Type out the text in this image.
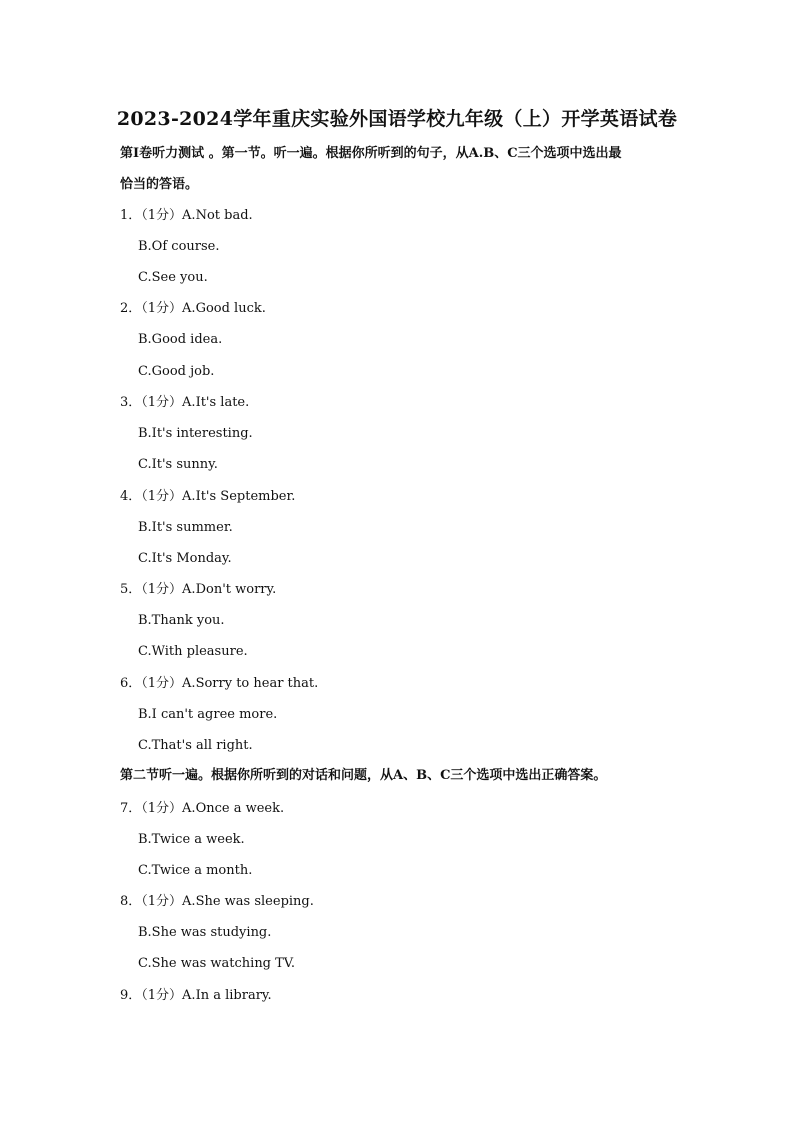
2023-2024学年重庆实验外国语学校九年级（上）开学英语试卷
第Ⅰ卷听力测试 。第一节。听一遍。根据你所听到的句子，从A.B、C三个选项中选出最
恰当的答语。
1．（1分）A.Not bad.
B.Of course.
C.See you.
2．（1分）A.Good luck.
B.Good idea.
C.Good job.
3．（1分）A.It's late.
B.It's interesting.
C.It's sunny.
4．（1分）A.It's September.
B.It's summer.
C.It's Monday.
5．（1分）A.Don't worry.
B.Thank you.
C.With pleasure.
6．（1分）A.Sorry to hear that.
B.I can't agree more.
C.That's all right.
第二节听一遍。根据你所听到的对话和问题，从A、B、C三个选项中选出正确答案。
7．（1分）A.Once a week.
B.Twice a week.
C.Twice a month.
8．（1分）A.She was sleeping.
B.She was studying.
C.She was watching TV.
9．（1分）A.In a library.
